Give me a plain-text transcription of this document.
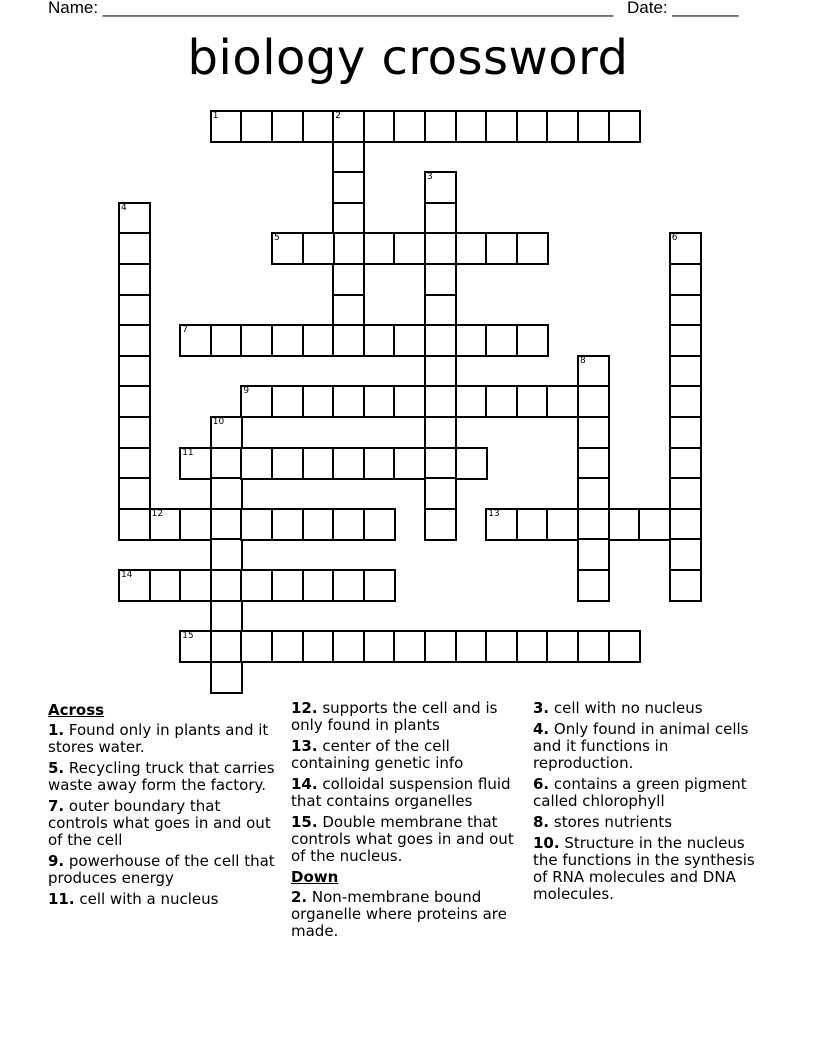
Name: ______________________________________________________ Date: _______
biology crossword
1	2
3
4
5	6
7
8
9
10
11
12	13
14
15
Across
1. Found only in plants and it stores water.
5. Recycling truck that carries waste away form the factory.
7. outer boundary that controls what goes in and out of the cell
9. powerhouse of the cell that produces energy
11. cell with a nucleus
12. supports the cell and is only found in plants
13. center of the cell containing genetic info
14. colloidal suspension fluid that contains organelles
15. Double membrane that controls what goes in and out of the nucleus.
Down
2. Non-membrane bound organelle where proteins are made.
3. cell with no nucleus
4. Only found in animal cells and it functions in reproduction.
6. contains a green pigment called chlorophyll
8. stores nutrients
10. Structure in the nucleus the functions in the synthesis of RNA molecules and DNA molecules.
